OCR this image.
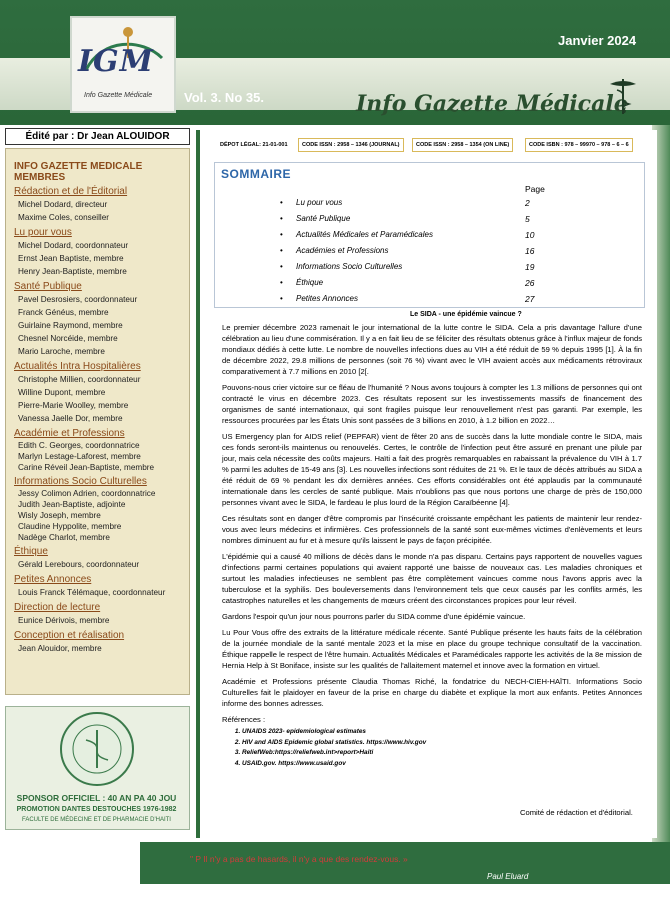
IGM
Info Gazette Médicale
Janvier 2024
Vol. 3. No 35.	Info Gazette Médicale
Édité par : Dr Jean ALOUIDOR
INFO GAZETTE MEDICALE MEMBRES
Rédaction et de l'Éditorial
Michel Dodard, directeur
Maxime Coles, conseiller
Lu pour vous
Michel Dodard, coordonnateur
Ernst Jean Baptiste, membre
Henry Jean-Baptiste, membre
Santé Publique
Pavel Desrosiers, coordonnateur
Franck Généus, membre
Guirlaine Raymond, membre
Chesnel Norcéide, membre
Mario Laroche, membre
Actualités Intra Hospitalières
Christophe Millien, coordonnateur
Willine Dupont, membre
Pierre-Marie Woolley, membre
Vanessa Jaelle Dor, membre
Académie et Professions
Edith C. Georges, coordonnatrice
Marlyn Lestage-Laforest, membre
Carine Réveil Jean-Baptiste, membre
Informations Socio Culturelles
Jessy Colimon Adrien, coordonnatrice
Judith Jean-Baptiste, adjointe
Wisly Joseph, membre
Claudine Hyppolite, membre
Nadège Charlot, membre
Éthique
Gérald Lerebours, coordonnateur
Petites Annonces
Louis Franck Télémaque, coordonnateur
Direction de lecture
Eunice Dérivois, membre
Conception et réalisation
Jean Alouidor, membre
SPONSOR OFFICIEL : 40 AN PA 40 JOU
PROMOTION DANTES DESTOUCHES 1976-1982
FACULTE DE MÉDECINE ET DE PHARMACIE D'HAITI
DÉPOT LÉGAL: 21-01-001	CODE ISSN : 2958 – 1346 (JOURNAL)	CODE ISSN : 2958 – 1354 (ON LINE)	CODE ISBN : 978 – 99970 – 978 – 6 – 6
SOMMAIRE
Page
• Lu pour vous	2
• Santé Publique	5
• Actualités Médicales et Paramédicales	10
• Académies et Professions	16
• Informations Socio Culturelles	19
• Éthique	26
• Petites Annonces	27
Le SIDA - une épidémie vaincue ?

Le premier décembre 2023 ramenait le jour international de la lutte contre le SIDA. Cela a pris davantage l'allure d'une célébration au lieu d'une commisération. Il y a en fait lieu de se féliciter des résultats obtenus grâce à l'influx majeur de fonds mondiaux dédiés à cette lutte. Le nombre de nouvelles infections dues au VIH a été réduit de 59 % depuis 1995 [1]. À la fin de décembre 2022, 29.8 millions de personnes (soit 76 %) vivant avec le VIH avaient accès aux médicaments rétroviraux comparativement à 7.7 millions en 2010 [2[.

Pouvons-nous crier victoire sur ce fléau de l'humanité ? Nous avons toujours à compter les 1.3 millions de personnes qui ont contracté le virus en décembre 2023. Ces résultats reposent sur les investissements massifs de financement des organismes de santé internationaux, qui sont fragiles puisque leur renouvellement n'est pas garanti. Par exemple, les ressources procurées par les États Unis sont passées de 3 billions en 2010, à 1.2 billion en 2022…

US Emergency plan for AIDS relief (PEPFAR) vient de fêter 20 ans de succès dans la lutte mondiale contre le SIDA, mais ces fonds seront-ils maintenus ou renouvelés. Certes, le contrôle de l'infection peut être assuré en prenant une pilule par jour, mais cela nécessite des coûts majeurs. Haïti a fait des progrès remarquables en rabaissant la prévalence du VIH à 1.7 % parmi les adultes de 15-49 ans [3]. Les nouvelles infections sont réduites de 21 %. Et le taux de décès attribués au SIDA a été réduit de 69 % pendant les dix dernières années. Ces efforts considérables ont été applaudis par la communauté internationale dans les cercles de santé publique. Mais n'oublions pas que nous portons une charge de près de 150,000 personnes vivant avec le SIDA, le fardeau le plus lourd de la Région Caraïbéenne [4].

Ces résultats sont en danger d'être compromis par l'insécurité croissante empêchant les patients de maintenir leur rendez-vous avec leurs médecins et infirmières. Ces professionnels de la santé sont eux-mêmes victimes d'enlèvements et leurs nombres diminuent au fur et à mesure qu'ils laissent le pays de façon précipitée.

L'épidémie qui a causé 40 millions de décès dans le monde n'a pas disparu. Certains pays rapportent de nouvelles vagues d'infections parmi certaines populations qui avaient rapporté une baisse de nouveaux cas. Les maladies chroniques et surtout les maladies infectieuses ne semblent pas être complètement vaincues comme nous l'avons appris avec la tuberculose et la syphilis. Des bouleversements dans l'environnement tels que ceux causés par les conflits armés, les catastrophes naturelles et les changements de mœurs créent des circonstances propices pour leur réveil.

Gardons l'espoir qu'un jour nous pourrons parler du SIDA comme d'une épidémie vaincue.

Lu Pour Vous offre des extraits de la littérature médicale récente. Santé Publique présente les hauts faits de la célébration de la journée mondiale de la santé mentale 2023 et la mise en place du groupe technique consultatif de la vaccination. Éthique rappelle le respect de l'être humain. Actualités Médicales et Paramédicales rapporte les activités de la 8e mission de Hernia Help à St Boniface, insiste sur les qualités de l'allaitement maternel et innove avec la formation en virtuel.

Académie et Professions présente Claudia Thomas Riché, la fondatrice du NECH-CIEH-HAÏTI. Informations Socio Culturelles fait le plaidoyer en faveur de la prise en charge du diabète et explique la mort aux enfants. Petites Annonces informe des bonnes adresses.

Références :

1. UNAIDS 2023- epidemiological estimates
2. HIV and AIDS Epidemic global statistics. https://www.hiv.gov
3. ReliefWeb:https://reliefweb.int>report>Haiti
4. USAID.gov. https://www.usaid.gov
Comité de rédaction et d'éditorial.
" P Il n'y a pas de hasards, il n'y a que des rendez-vous. »
Paul Eluard
